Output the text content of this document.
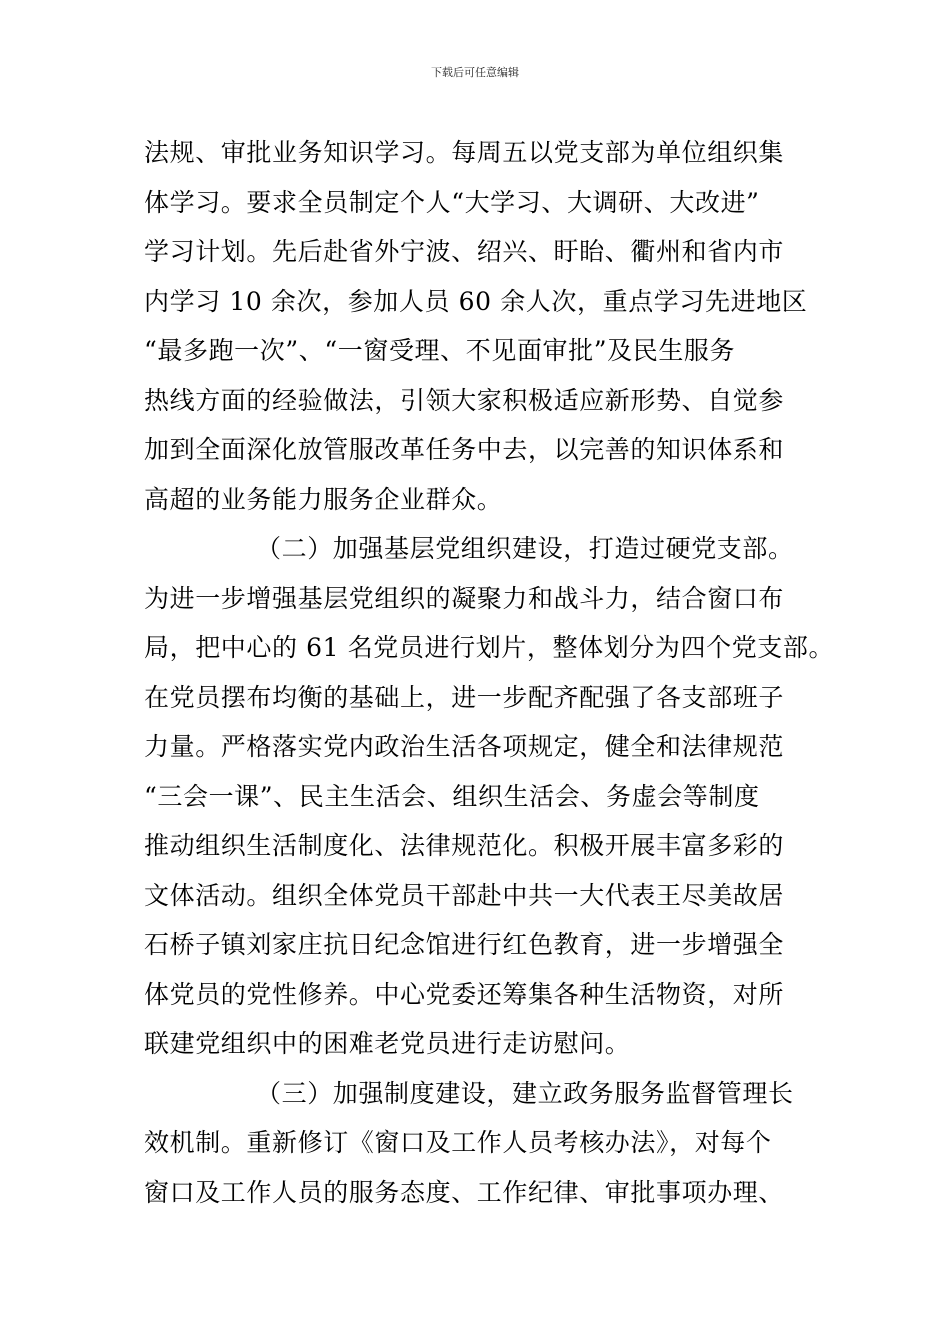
下载后可任意编辑
法规、审批业务知识学习。每周五以党支部为单位组织集
体学习。要求全员制定个人“大学习、大调研、大改进”
学习计划。先后赴省外宁波、绍兴、盱眙、衢州和省内市
内学习 10 余次，参加人员 60 余人次，重点学习先进地区
“最多跑一次”、“一窗受理、不见面审批”及民生服务
热线方面的经验做法，引领大家积极适应新形势、自觉参
加到全面深化放管服改革任务中去，以完善的知识体系和
高超的业务能力服务企业群众。
（二）加强基层党组织建设，打造过硬党支部。
为进一步增强基层党组织的凝聚力和战斗力，结合窗口布
局，把中心的 61 名党员进行划片，整体划分为四个党支部。
在党员摆布均衡的基础上，进一步配齐配强了各支部班子
力量。严格落实党内政治生活各项规定，健全和法律规范
“三会一课”、民主生活会、组织生活会、务虚会等制度
推动组织生活制度化、法律规范化。积极开展丰富多彩的
文体活动。组织全体党员干部赴中共一大代表王尽美故居
石桥子镇刘家庄抗日纪念馆进行红色教育，进一步增强全
体党员的党性修养。中心党委还筹集各种生活物资，对所
联建党组织中的困难老党员进行走访慰问。
（三）加强制度建设，建立政务服务监督管理长
效机制。重新修订《窗口及工作人员考核办法》，对每个
窗口及工作人员的服务态度、工作纪律、审批事项办理、
